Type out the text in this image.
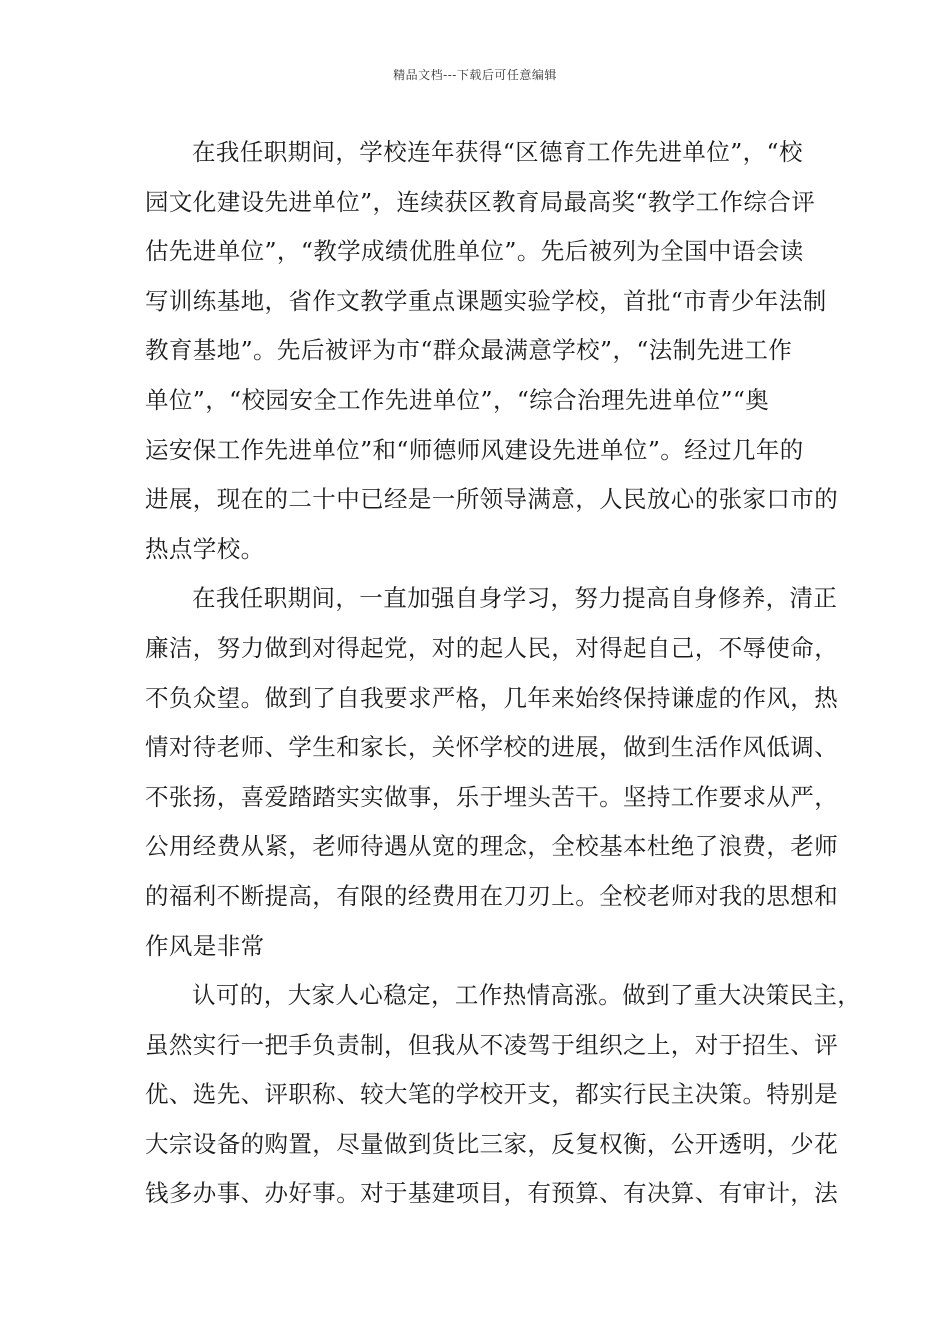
精品文档---下载后可任意编辑

在我任职期间，学校连年获得“区德育工作先进单位”，“校
园文化建设先进单位”，连续获区教育局最高奖“教学工作综合评
估先进单位”，“教学成绩优胜单位”。先后被列为全国中语会读
写训练基地，省作文教学重点课题实验学校，首批“市青少年法制
教育基地”。先后被评为市“群众最满意学校”，“法制先进工作
单位”，“校园安全工作先进单位”，“综合治理先进单位”“奥
运安保工作先进单位”和“师德师风建设先进单位”。经过几年的
进展，现在的二十中已经是一所领导满意，人民放心的张家口市的
热点学校。

在我任职期间，一直加强自身学习，努力提高自身修养，清正
廉洁，努力做到对得起党，对的起人民，对得起自己，不辱使命，
不负众望。做到了自我要求严格，几年来始终保持谦虚的作风，热
情对待老师、学生和家长，关怀学校的进展，做到生活作风低调、
不张扬，喜爱踏踏实实做事，乐于埋头苦干。坚持工作要求从严，
公用经费从紧，老师待遇从宽的理念，全校基本杜绝了浪费，老师
的福利不断提高，有限的经费用在刀刃上。全校老师对我的思想和
作风是非常

认可的，大家人心稳定，工作热情高涨。做到了重大决策民主，
虽然实行一把手负责制，但我从不凌驾于组织之上，对于招生、评
优、选先、评职称、较大笔的学校开支，都实行民主决策。特别是
大宗设备的购置，尽量做到货比三家，反复权衡，公开透明，少花
钱多办事、办好事。对于基建项目，有预算、有决算、有审计，法
